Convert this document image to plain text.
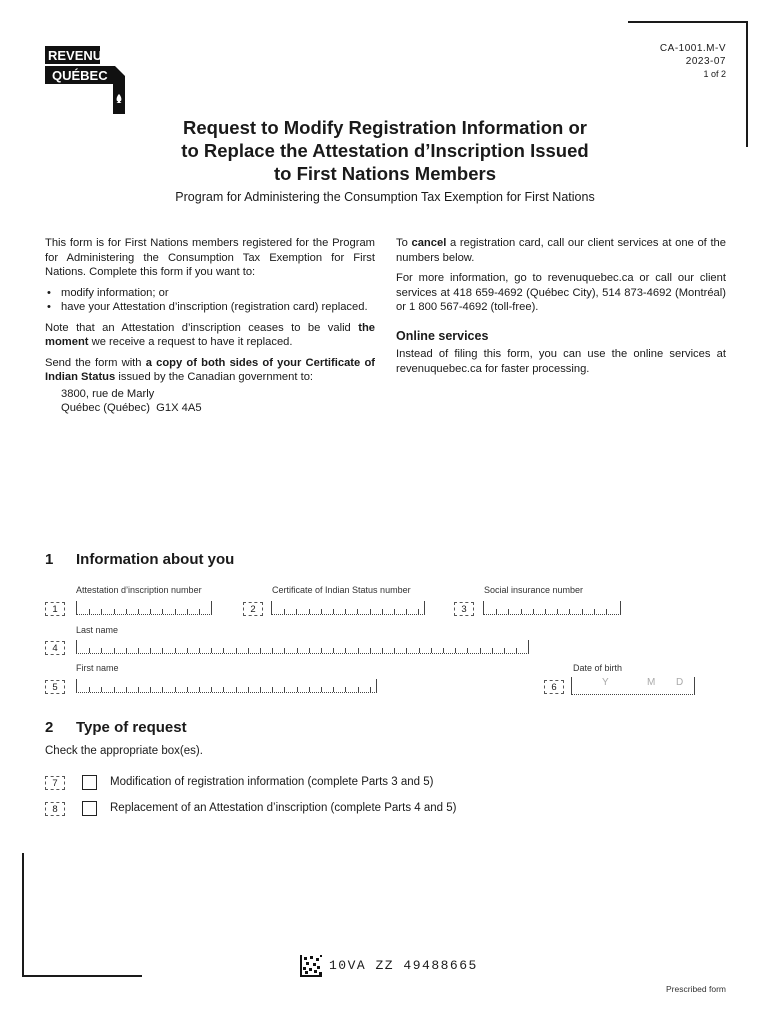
REVENU
QUÉBEC
CA-1001.M-V
2023-07
1 of 2
Request to Modify Registration Information or
to Replace the Attestation d’Inscription Issued
to First Nations Members
Program for Administering the Consumption Tax Exemption for First Nations

This form is for First Nations members registered for the Program for Administering the Consumption Tax Exemption for First Nations. Complete this form if you want to:

• modify information; or
• have your Attestation d’inscription (registration card) replaced.

Note that an Attestation d’inscription ceases to be valid the moment we receive a request to have it replaced.

Send the form with a copy of both sides of your Certificate of Indian Status issued by the Canadian government to:

3800, rue de Marly

Québec (Québec)  G1X 4A5

To cancel a registration card, call our client services at one of the numbers below.

For more information, go to revenuquebec.ca or call our client services at 418 659-4692 (Québec City), 514 873-4692 (Montréal) or 1 800 567-4692 (toll-free).

Online services

Instead of filing this form, you can use the online services at revenuquebec.ca for faster processing.

1 Information about you
Attestation d’inscription number	Certificate of Indian Status number	Social insurance number
1	2	3
Last name
4
First name	Date of birth
5	6	Y	M D
2 Type of request
Check the appropriate box(es).
7	Modification of registration information (complete Parts 3 and 5)
8	Replacement of an Attestation d’inscription (complete Parts 4 and 5)
10VA ZZ 49488665
Prescribed form
